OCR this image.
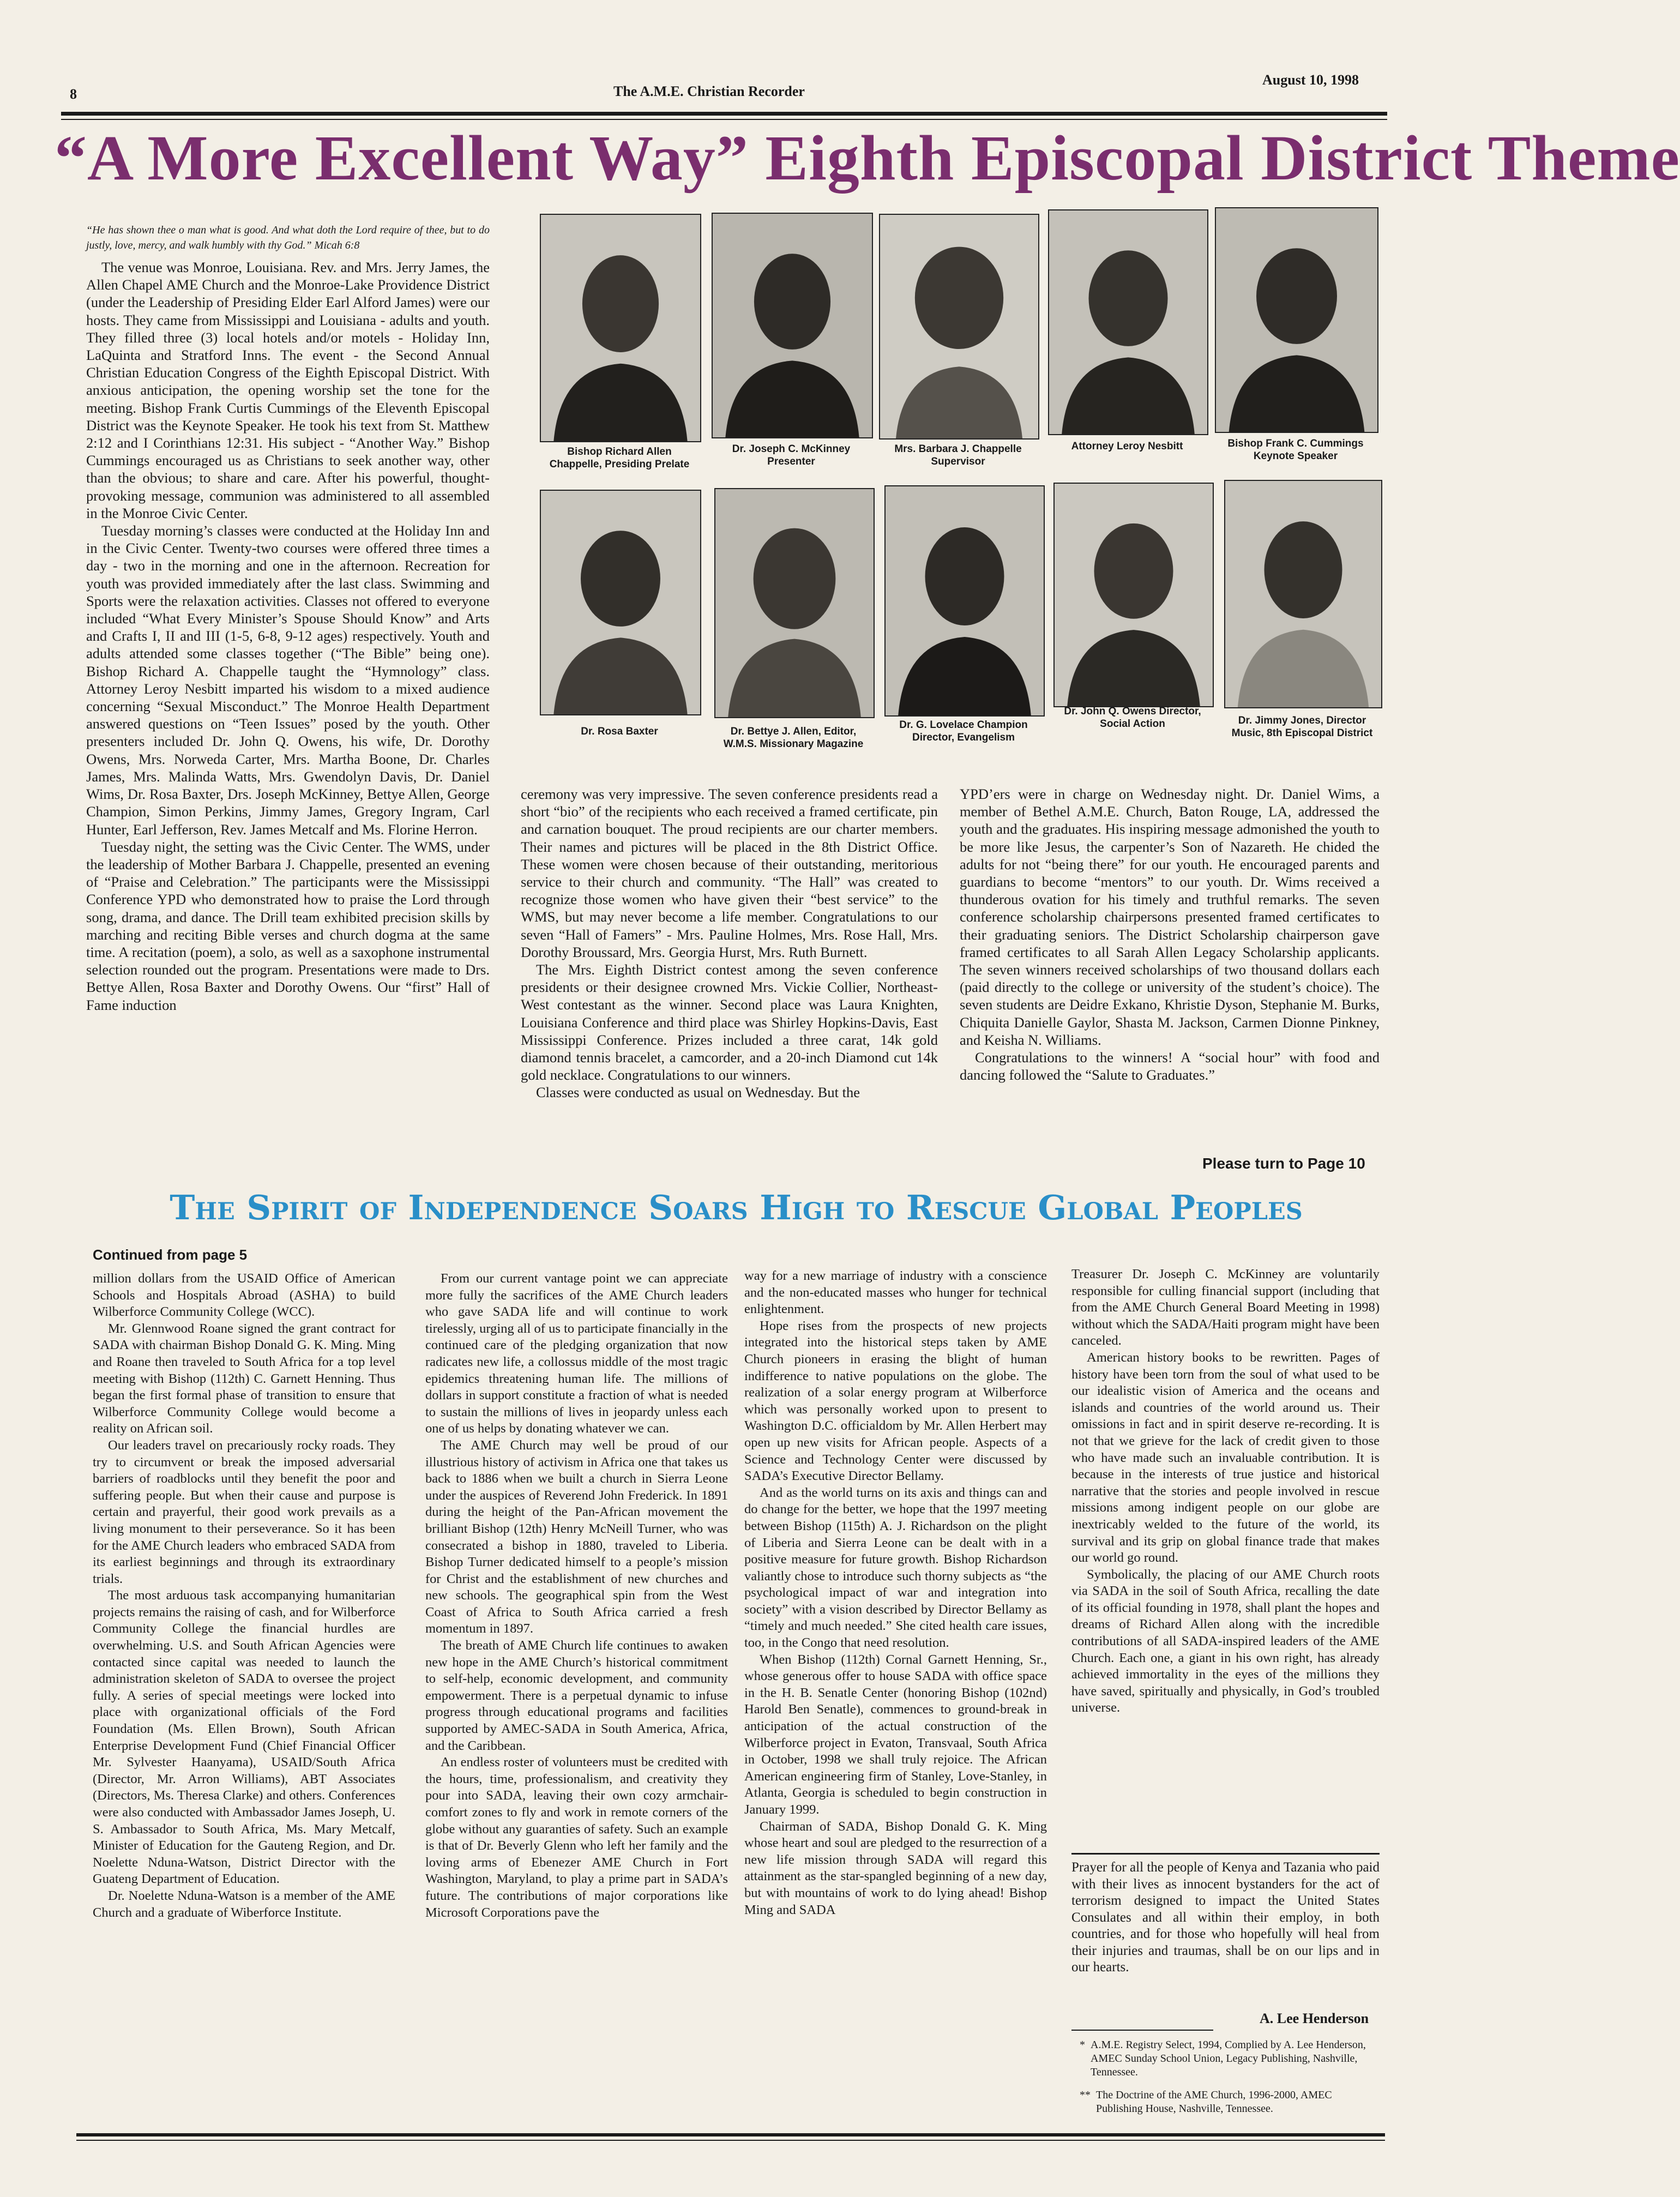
8	The A.M.E. Christian Recorder
August 10, 1998
“A More Excellent Way” Eighth Episcopal District Theme

“He has shown thee o man what is good. And what doth the Lord require of thee, but to do justly, love, mercy, and walk humbly with thy God.” Micah 6:8

The venue was Monroe, Louisiana. Rev. and Mrs. Jerry James, the Allen Chapel AME Church and the Monroe-Lake Providence District (under the Leadership of Presiding Elder Earl Alford James) were our hosts. They came from Mississippi and Louisiana - adults and youth. They filled three (3) local hotels and/or motels - Holiday Inn, LaQuinta and Stratford Inns. The event - the Second Annual Christian Education Congress of the Eighth Episcopal District. With anxious anticipation, the opening worship set the tone for the meeting. Bishop Frank Curtis Cummings of the Eleventh Episcopal District was the Keynote Speaker. He took his text from St. Matthew 2:12 and I Corinthians 12:31. His subject - “Another Way.” Bishop Cummings encouraged us as Christians to seek another way, other than the obvious; to share and care. After his powerful, thought-provoking message, communion was administered to all assembled in the Monroe Civic Center.

Tuesday morning’s classes were conducted at the Holiday Inn and in the Civic Center. Twenty-two courses were offered three times a day - two in the morning and one in the afternoon. Recreation for youth was provided immediately after the last class. Swimming and Sports were the relaxation activities. Classes not offered to everyone included “What Every Minister’s Spouse Should Know” and Arts and Crafts I, II and III (1-5, 6-8, 9-12 ages) respectively. Youth and adults attended some classes together (“The Bible” being one). Bishop Richard A. Chappelle taught the “Hymnology” class. Attorney Leroy Nesbitt imparted his wisdom to a mixed audience concerning “Sexual Misconduct.” The Monroe Health Department answered questions on “Teen Issues” posed by the youth. Other presenters included Dr. John Q. Owens, his wife, Dr. Dorothy Owens, Mrs. Norweda Carter, Mrs. Martha Boone, Dr. Charles James, Mrs. Malinda Watts, Mrs. Gwendolyn Davis, Dr. Daniel Wims, Dr. Rosa Baxter, Drs. Joseph McKinney, Bettye Allen, George Champion, Simon Perkins, Jimmy James, Gregory Ingram, Carl Hunter, Earl Jefferson, Rev. James Metcalf and Ms. Florine Herron.

Tuesday night, the setting was the Civic Center. The WMS, under the leadership of Mother Barbara J. Chappelle, presented an evening of “Praise and Celebration.” The participants were the Mississippi Conference YPD who demonstrated how to praise the Lord through song, drama, and dance. The Drill team exhibited precision skills by marching and reciting Bible verses and church dogma at the same time. A recitation (poem), a solo, as well as a saxophone instrumental selection rounded out the program. Presentations were made to Drs. Bettye Allen, Rosa Baxter and Dorothy Owens. Our “first” Hall of Fame induction

Bishop Richard Allen Chappelle, Presiding Prelate
Dr. Joseph C. McKinney Presenter
Mrs. Barbara J. Chappelle Supervisor
Attorney Leroy Nesbitt	Bishop Frank C. Cummings Keynote Speaker
Dr. Rosa Baxter	Dr. Bettye J. Allen, Editor, W.M.S. Missionary Magazine
Dr. G. Lovelace Champion Director, Evangelism
Dr. John Q. Owens Director, Social Action	Dr. Jimmy Jones, Director Music, 8th Episcopal District

ceremony was very impressive. The seven conference presidents read a short “bio” of the recipients who each received a framed certificate, pin and carnation bouquet. The proud recipients are our charter members. Their names and pictures will be placed in the 8th District Office. These women were chosen because of their outstanding, meritorious service to their church and community. “The Hall” was created to recognize those women who have given their “best service” to the WMS, but may never become a life member. Congratulations to our seven “Hall of Famers” - Mrs. Pauline Holmes, Mrs. Rose Hall, Mrs. Dorothy Broussard, Mrs. Georgia Hurst, Mrs. Ruth Burnett.

The Mrs. Eighth District contest among the seven conference presidents or their designee crowned Mrs. Vickie Collier, Northeast-West contestant as the winner. Second place was Laura Knighten, Louisiana Conference and third place was Shirley Hopkins-Davis, East Mississippi Conference. Prizes included a three carat, 14k gold diamond tennis bracelet, a camcorder, and a 20-inch Diamond cut 14k gold necklace. Congratulations to our winners.

Classes were conducted as usual on Wednesday. But the

YPD’ers were in charge on Wednesday night. Dr. Daniel Wims, a member of Bethel A.M.E. Church, Baton Rouge, LA, addressed the youth and the graduates. His inspiring message admonished the youth to be more like Jesus, the carpenter’s Son of Nazareth. He chided the adults for not “being there” for our youth. He encouraged parents and guardians to become “mentors” to our youth. Dr. Wims received a thunderous ovation for his timely and truthful remarks. The seven conference scholarship chairpersons presented framed certificates to their graduating seniors. The District Scholarship chairperson gave framed certificates to all Sarah Allen Legacy Scholarship applicants. The seven winners received scholarships of two thousand dollars each (paid directly to the college or university of the student’s choice). The seven students are Deidre Exkano, Khristie Dyson, Stephanie M. Burks, Chiquita Danielle Gaylor, Shasta M. Jackson, Carmen Dionne Pinkney, and Keisha N. Williams.

Congratulations to the winners! A “social hour” with food and dancing followed the “Salute to Graduates.”

Please turn to Page 10
The Spirit of Independence Soars High to Rescue Global Peoples
Continued from page 5

million dollars from the USAID Office of American Schools and Hospitals Abroad (ASHA) to build Wilberforce Community College (WCC).

Mr. Glennwood Roane signed the grant contract for SADA with chairman Bishop Donald G. K. Ming. Ming and Roane then traveled to South Africa for a top level meeting with Bishop (112th) C. Garnett Henning. Thus began the first formal phase of transition to ensure that Wilberforce Community College would become a reality on African soil.

Our leaders travel on precariously rocky roads. They try to circumvent or break the imposed adversarial barriers of roadblocks until they benefit the poor and suffering people. But when their cause and purpose is certain and prayerful, their good work prevails as a living monument to their perseverance. So it has been for the AME Church leaders who embraced SADA from its earliest beginnings and through its extraordinary trials.

The most arduous task accompanying humanitarian projects remains the raising of cash, and for Wilberforce Community College the financial hurdles are overwhelming. U.S. and South African Agencies were contacted since capital was needed to launch the administration skeleton of SADA to oversee the project fully. A series of special meetings were locked into place with organizational officials of the Ford Foundation (Ms. Ellen Brown), South African Enterprise Development Fund (Chief Financial Officer Mr. Sylvester Haanyama), USAID/South Africa (Director, Mr. Arron Williams), ABT Associates (Directors, Ms. Theresa Clarke) and others. Conferences were also conducted with Ambassador James Joseph, U. S. Ambassador to South Africa, Ms. Mary Metcalf, Minister of Education for the Gauteng Region, and Dr. Noelette Nduna-Watson, District Director with the Guateng Department of Education.

Dr. Noelette Nduna-Watson is a member of the AME Church and a graduate of Wiberforce Institute.

From our current vantage point we can appreciate more fully the sacrifices of the AME Church leaders who gave SADA life and will continue to work tirelessly, urging all of us to participate financially in the continued care of the pledging organization that now radicates new life, a collossus middle of the most tragic epidemics threatening human life. The millions of dollars in support constitute a fraction of what is needed to sustain the millions of lives in jeopardy unless each one of us helps by donating whatever we can.

The AME Church may well be proud of our illustrious history of activism in Africa one that takes us back to 1886 when we built a church in Sierra Leone under the auspices of Reverend John Frederick. In 1891 during the height of the Pan-African movement the brilliant Bishop (12th) Henry McNeill Turner, who was consecrated a bishop in 1880, traveled to Liberia. Bishop Turner dedicated himself to a people’s mission for Christ and the establishment of new churches and new schools. The geographical spin from the West Coast of Africa to South Africa carried a fresh momentum in 1897.

The breath of AME Church life continues to awaken new hope in the AME Church’s historical commitment to self-help, economic development, and community empowerment. There is a perpetual dynamic to infuse progress through educational programs and facilities supported by AMEC-SADA in South America, Africa, and the Caribbean.

An endless roster of volunteers must be credited with the hours, time, professionalism, and creativity they pour into SADA, leaving their own cozy armchair-comfort zones to fly and work in remote corners of the globe without any guaranties of safety. Such an example is that of Dr. Beverly Glenn who left her family and the loving arms of Ebenezer AME Church in Fort Washington, Maryland, to play a prime part in SADA’s future. The contributions of major corporations like Microsoft Corporations pave the

way for a new marriage of industry with a conscience and the non-educated masses who hunger for technical enlightenment.

Hope rises from the prospects of new projects integrated into the historical steps taken by AME Church pioneers in erasing the blight of human indifference to native populations on the globe. The realization of a solar energy program at Wilberforce which was personally worked upon to present to Washington D.C. officialdom by Mr. Allen Herbert may open up new visits for African people. Aspects of a Science and Technology Center were discussed by SADA’s Executive Director Bellamy.

And as the world turns on its axis and things can and do change for the better, we hope that the 1997 meeting between Bishop (115th) A. J. Richardson on the plight of Liberia and Sierra Leone can be dealt with in a positive measure for future growth. Bishop Richardson valiantly chose to introduce such thorny subjects as “the psychological impact of war and integration into society” with a vision described by Director Bellamy as “timely and much needed.” She cited health care issues, too, in the Congo that need resolution.

When Bishop (112th) Cornal Garnett Henning, Sr., whose generous offer to house SADA with office space in the H. B. Senatle Center (honoring Bishop (102nd) Harold Ben Senatle), commences to ground-break in anticipation of the actual construction of the Wilberforce project in Evaton, Transvaal, South Africa in October, 1998 we shall truly rejoice. The African American engineering firm of Stanley, Love-Stanley, in Atlanta, Georgia is scheduled to begin construction in January 1999.

Chairman of SADA, Bishop Donald G. K. Ming whose heart and soul are pledged to the resurrection of a new life mission through SADA will regard this attainment as the star-spangled beginning of a new day, but with mountains of work to do lying ahead! Bishop Ming and SADA

Treasurer Dr. Joseph C. McKinney are voluntarily responsible for culling financial support (including that from the AME Church General Board Meeting in 1998) without which the SADA/Haiti program might have been canceled.

American history books to be rewritten. Pages of history have been torn from the soul of what used to be our idealistic vision of America and the oceans and islands and countries of the world around us. Their omissions in fact and in spirit deserve re-recording. It is not that we grieve for the lack of credit given to those who have made such an invaluable contribution. It is because in the interests of true justice and historical narrative that the stories and people involved in rescue missions among indigent people on our globe are inextricably welded to the future of the world, its survival and its grip on global finance trade that makes our world go round.

Symbolically, the placing of our AME Church roots via SADA in the soil of South Africa, recalling the date of its official founding in 1978, shall plant the hopes and dreams of Richard Allen along with the incredible contributions of all SADA-inspired leaders of the AME Church. Each one, a giant in his own right, has already achieved immortality in the eyes of the millions they have saved, spiritually and physically, in God’s troubled universe.

Prayer for all the people of Kenya and Tazania who paid with their lives as innocent bystanders for the act of terrorism designed to impact the United States Consulates and all within their employ, in both countries, and for those who hopefully will heal from their injuries and traumas, shall be on our lips and in our hearts.

A. Lee Henderson
* A.M.E. Registry Select, 1994, Complied by A. Lee Henderson, AMEC Sunday School Union, Legacy Publishing, Nashville, Tennessee.
** The Doctrine of the AME Church, 1996-2000, AMEC Publishing House, Nashville, Tennessee.
